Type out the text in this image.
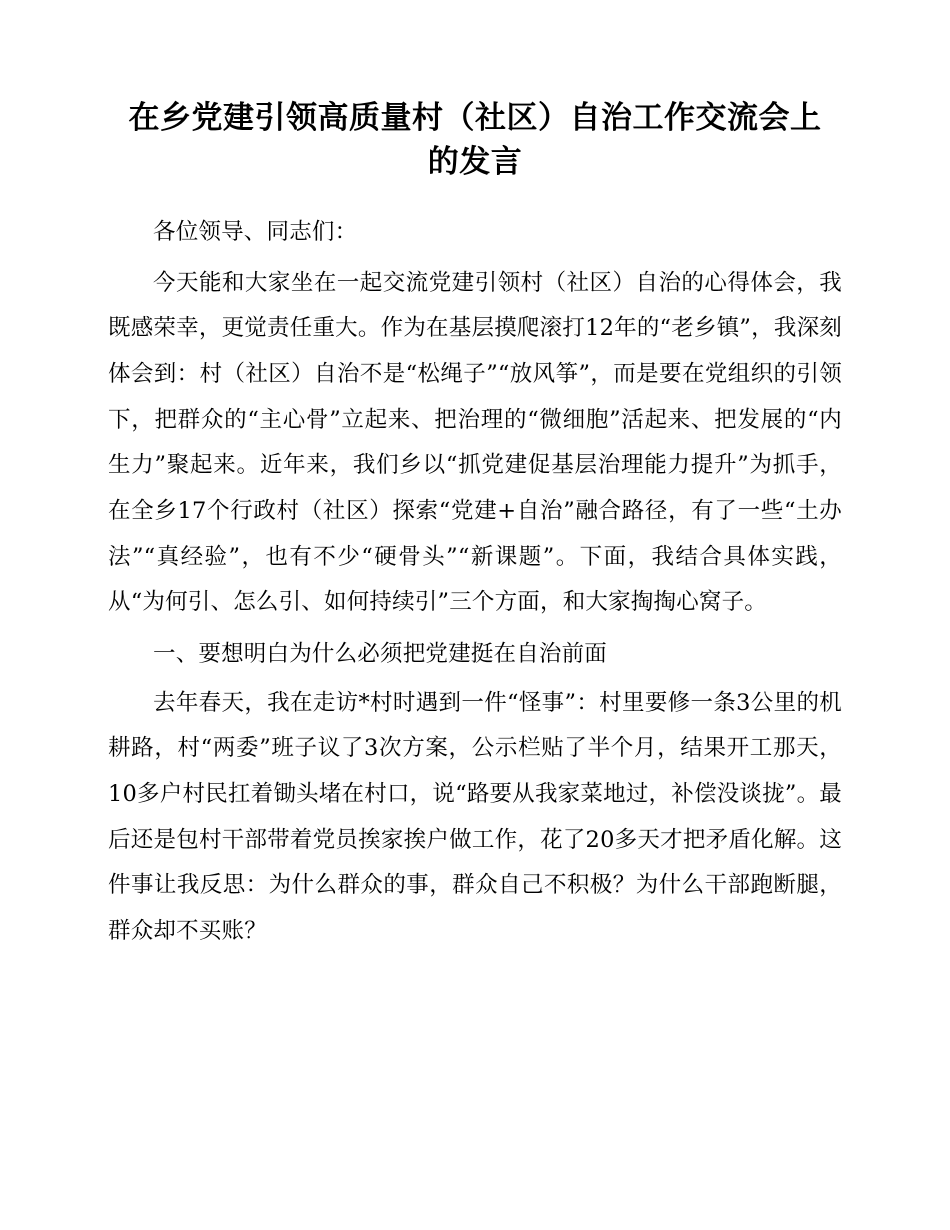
在乡党建引领高质量村（社区）自治工作交流会上的发言

各位领导、同志们：

今天能和大家坐在一起交流党建引领村（社区）自治的心得体会，我既感荣幸，更觉责任重大。作为在基层摸爬滚打12年的“老乡镇”，我深刻体会到：村（社区）自治不是“松绳子”“放风筝”，而是要在党组织的引领下，把群众的“主心骨”立起来、把治理的“微细胞”活起来、把发展的“内生力”聚起来。近年来，我们乡以“抓党建促基层治理能力提升”为抓手，在全乡17个行政村（社区）探索“党建+自治”融合路径，有了一些“土办法”“真经验”，也有不少“硬骨头”“新课题”。下面，我结合具体实践，从“为何引、怎么引、如何持续引”三个方面，和大家掏掏心窝子。

一、要想明白为什么必须把党建挺在自治前面

去年春天，我在走访*村时遇到一件“怪事”：村里要修一条3公里的机耕路，村“两委”班子议了3次方案，公示栏贴了半个月，结果开工那天，10多户村民扛着锄头堵在村口，说“路要从我家菜地过，补偿没谈拢”。最后还是包村干部带着党员挨家挨户做工作，花了20多天才把矛盾化解。这件事让我反思：为什么群众的事，群众自己不积极？为什么干部跑断腿，群众却不买账？
